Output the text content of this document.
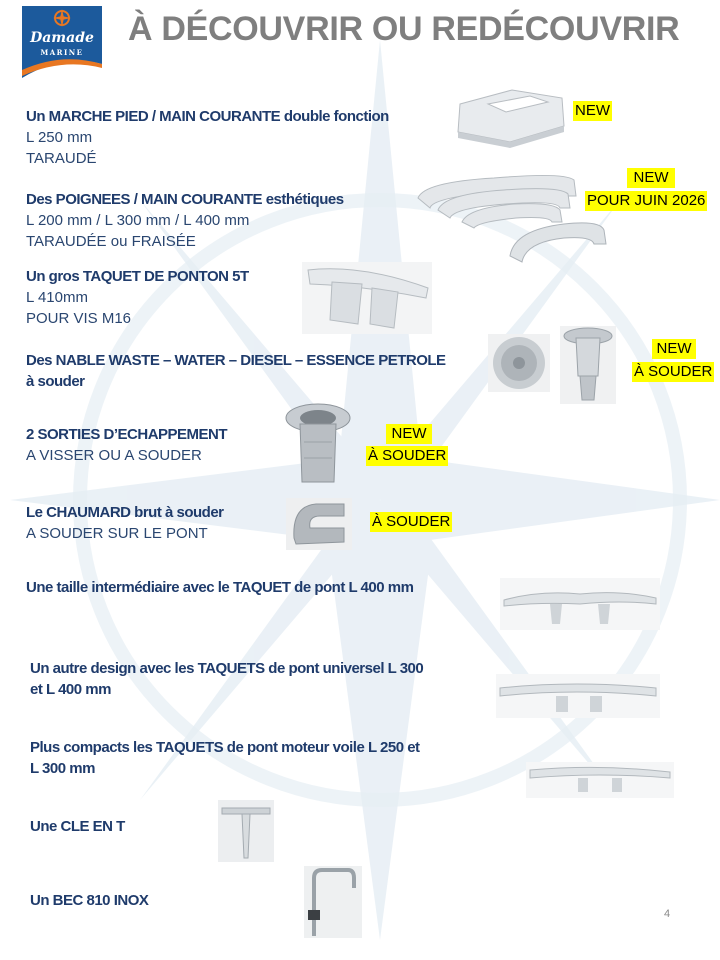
Damade
MARINE
À DÉCOUVRIR OU REDÉCOUVRIR
Un MARCHE PIED / MAIN COURANTE double fonction
L 250 mm
TARAUDÉ
NEW
Des POIGNEES / MAIN COURANTE esthétiques
L 200 mm / L 300 mm / L 400 mm
TARAUDÉE ou FRAISÉE
NEW
POUR JUIN 2026
Un gros TAQUET DE PONTON 5T
L 410mm
POUR VIS M16
Des NABLE WASTE – WATER – DIESEL – ESSENCE PETROLE
à souder
NEW
À SOUDER
2 SORTIES D’ECHAPPEMENT
A VISSER OU A SOUDER
NEW
À SOUDER
Le CHAUMARD brut à souder
A SOUDER SUR LE PONT
À SOUDER
Une taille intermédiaire avec le TAQUET de pont L 400 mm
Un autre design avec les TAQUETS de pont universel L 300
et L 400 mm
Plus compacts les TAQUETS de pont moteur voile L 250 et
L 300 mm
Une CLE EN T
Un BEC 810 INOX
4
